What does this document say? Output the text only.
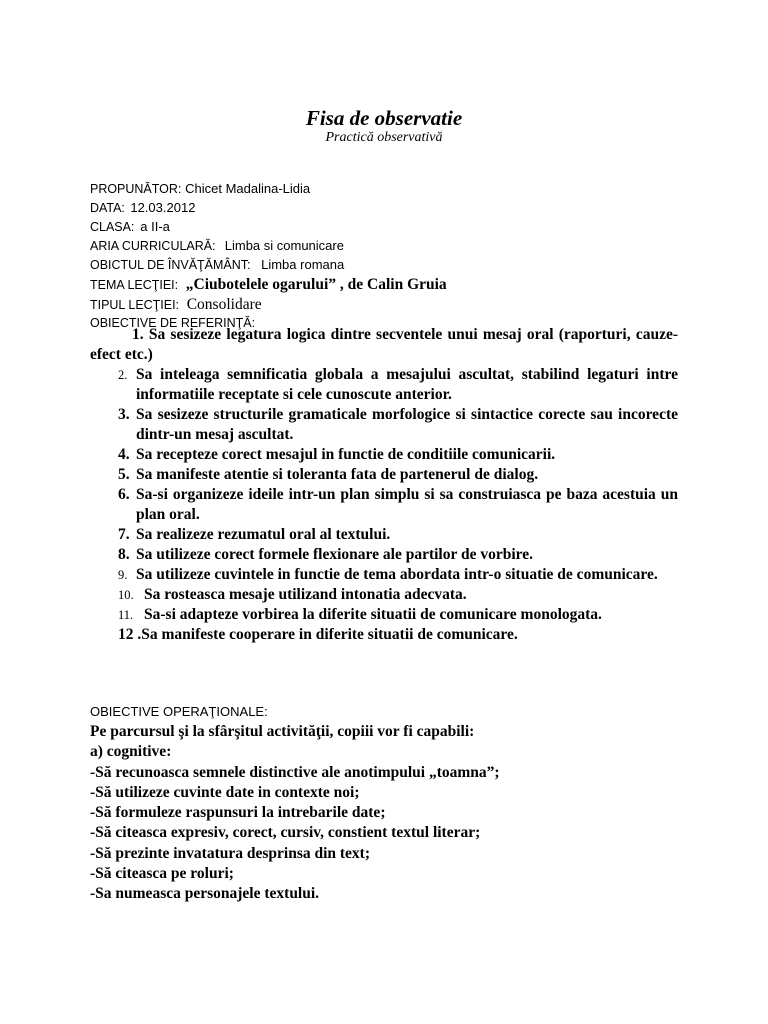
Fisa de observatie
Practică observativă
PROPUNĂTOR: Chicet Madalina-Lidia
DATA: 12.03.2012
CLASA: a II-a
ARIA CURRICULARĂ: Limba si comunicare
OBICTUL DE ÎNVĂŢĂMÂNT: Limba romana
TEMA LECŢIEI: „Ciubotelele ogarului” , de Calin Gruia
TIPUL LECŢIEI: Consolidare
OBIECTIVE DE REFERINŢĂ:
1. Sa sesizeze legatura logica dintre secventele unui mesaj oral (raporturi, cauze-efect etc.)
2. Sa inteleaga semnificatia globala a mesajului ascultat, stabilind legaturi intre informatiile receptate si cele cunoscute anterior.
3. Sa sesizeze structurile gramaticale morfologice si sintactice corecte sau incorecte dintr-un mesaj ascultat.
4. Sa recepteze corect mesajul in functie de conditiile comunicarii.
5. Sa manifeste atentie si toleranta fata de partenerul de dialog.
6. Sa-si organizeze ideile intr-un plan simplu si sa construiasca pe baza acestuia un plan oral.
7. Sa realizeze rezumatul oral al textului.
8. Sa utilizeze corect formele flexionare ale partilor de vorbire.
9. Sa utilizeze cuvintele in functie de tema abordata intr-o situatie de comunicare.
10. Sa rosteasca mesaje utilizand intonatia adecvata.
11. Sa-si adapteze vorbirea la diferite situatii de comunicare monologata.
12 .Sa manifeste cooperare in diferite situatii de comunicare.
OBIECTIVE OPERAŢIONALE:
Pe parcursul şi la sfârşitul activităţii, copiii vor fi capabili:
a) cognitive:
-Să recunoasca semnele distinctive ale anotimpului „toamna”;
-Să utilizeze cuvinte date in contexte noi;
-Să formuleze raspunsuri la intrebarile date;
-Să citeasca expresiv, corect, cursiv, constient textul literar;
-Să prezinte invatatura desprinsa din text;
-Să citeasca pe roluri;
-Sa numeasca personajele textului.
